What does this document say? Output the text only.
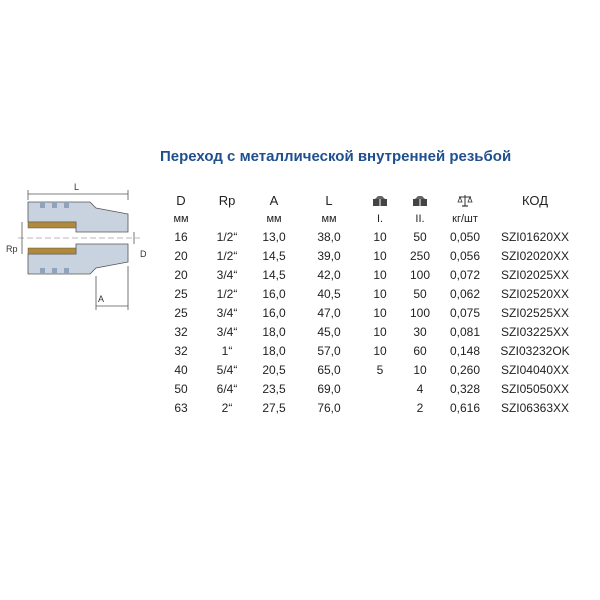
Переход с металлической внутренней резьбой
L
Rp	D
A
D	Rp	A	L				КОД
мм		мм	мм	I.	II.	кг/шт	
16	1/2“	13,0	38,0	10	50	0,050	SZI01620XX
20	1/2“	14,5	39,0	10	250	0,056	SZI02020XX
20	3/4“	14,5	42,0	10	100	0,072	SZI02025XX
25	1/2“	16,0	40,5	10	50	0,062	SZI02520XX
25	3/4“	16,0	47,0	10	100	0,075	SZI02525XX
32	3/4“	18,0	45,0	10	30	0,081	SZI03225XX
32	1“	18,0	57,0	10	60	0,148	SZI03232OK
40	5/4“	20,5	65,0	5	10	0,260	SZI04040XX
50	6/4“	23,5	69,0		4	0,328	SZI05050XX
63	2“	27,5	76,0		2	0,616	SZI06363XX
